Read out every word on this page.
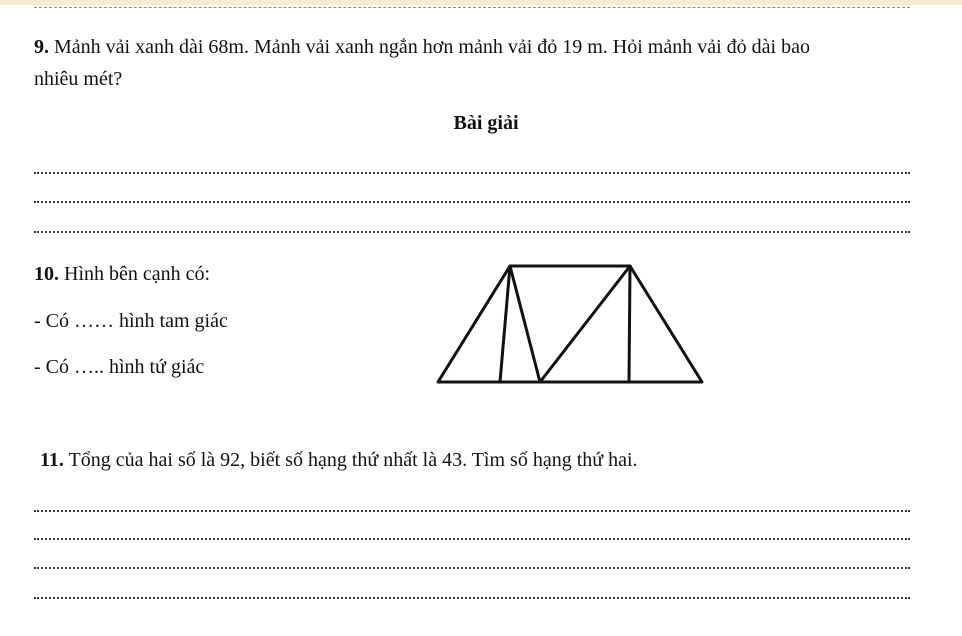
9. Mảnh vải xanh dài 68m. Mảnh vải xanh ngắn hơn mảnh vải đỏ 19 m. Hỏi mảnh vải đỏ dài bao
nhiêu mét?
Bài giải
10. Hình bên cạnh có:
- Có …… hình tam giác
- Có ….. hình tứ giác
11. Tổng của hai số là 92, biết số hạng thứ nhất là 43. Tìm số hạng thứ hai.
